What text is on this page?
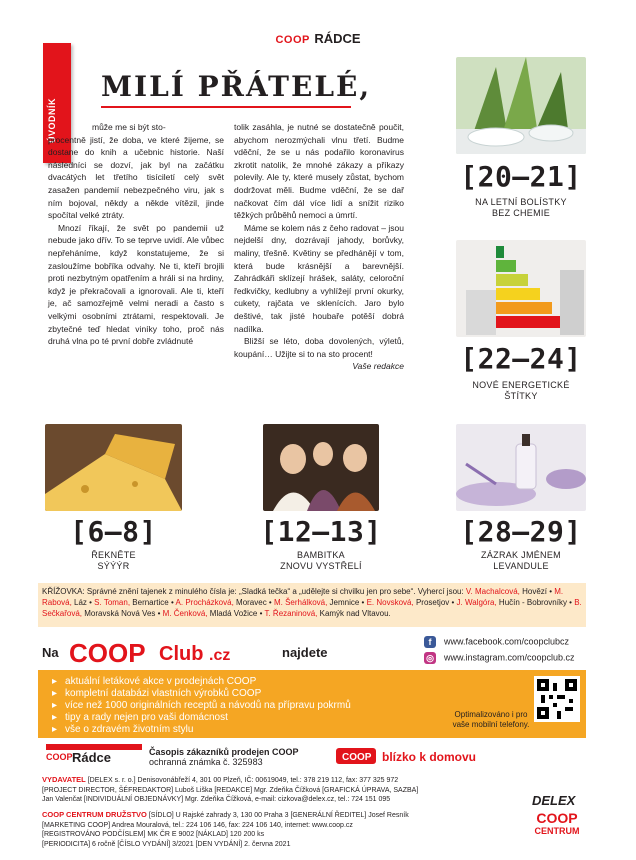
COOP RÁDCE
ÚVODNÍK
MILÍ PŘÁTELÉ,

může me si být sto-

procentně jistí, že doba, ve které žijeme, se dostane do knih a učebnic historie. Naší následníci se dozví, jak byl na začátku dvacátých let třetího tisíciletí celý svět zasažen pandemií nebezpečného viru, jak s ním bojoval, někdy a někde vítězil, jinde spočítal velké ztráty.

Mnozí říkají, že svět po pandemii už nebude jako dřív. To se teprve uvidí. Ale vůbec nepřeháníme, když konstatujeme, že si zasloužíme bobříka odvahy. Ne ti, kteří brojili proti nezbytným opatřením a hráli si na hrdiny, když je překračovali a ignorovali. Ale ti, kteří je, ač samozřejmě velmi neradi a často s velkými osobními ztrátami, respektovali. Je zbytečné teď hledat viníky toho, proč nás druhá vlna po té první dobře zvládnuté

tolik zasáhla, je nutné se dostatečně poučit, abychom nerozmýchali vlnu třetí. Budme vděční, že se u nás podařilo koronavirus zkrotit natolik, že mnohé zákazy a příkazy polevily. Ale ty, které musely zůstat, bychom dodržovat měli. Budme vděční, že se dař načkovat čím dál více lidí a snížit riziko těžkých průběhů nemoci a úmrtí.

Máme se kolem nás z čeho radovat – jsou nejdelší dny, dozrávají jahody, borůvky, maliny, třešně. Květiny se předhánějí v tom, která bude krásnější a barevnější. Zahrádkáři sklízejí hrášek, saláty, celoroční ředkvičky, kedlubny a vyhlížejí první okurky, cukety, rajčata ve sklenících. Jaro bylo deštivé, tak jisté houbaře potěší dobrá nadílka.

Bližší se léto, doba dovolených, výletů, koupání… Užijte si to na sto procent!

Vaše redakce

[20–21]
NA LETNÍ BOLÍSTKY
BEZ CHEMIE
[22–24]
NOVÉ ENERGETICKÉ
ŠTÍTKY
[6–8]
ŘEKNĚTE
SÝÝÝR
[12–13]
BAMBITKA
ZNOVU VYSTŘELÍ
[28–29]
ZÁZRAK JMÉNEM
LEVANDULE
KŘÍŽOVKA: Správné znění tajenek z minulého čísla je: „Sladká tečka“ a „udělejte si chvilku jen pro sebe“. Vyhercí jsou: V. Machalcová, Hovězí • M. Rabová, Láz • S. Toman, Bernartice • A. Procházková, Moravec • M. Šerhálková, Jemnice • E. Novsková, Prosetjov • J. Walgóra, Hučín - Bobrovníky • B. Sečkařová, Moravská Nová Ves • M. Čenková, Mladá Vožice • T. Řezaninová, Kamýk nad Vltavou.
Na COOP Club .cz	najdete
f www.facebook.com/coopclubcz
◎ www.instagram.com/coopclub.cz
▸ aktuální letákové akce v prodejnách COOP
▸ kompletní databázi vlastních výrobků COOP
▸ více než 1000 originálních receptů a návodů na přípravu pokrmů
▸ tipy a rady nejen pro vaši domácnost
▸ vše o zdravém životním stylu
Optimalizováno i pro vaše mobilní telefony.
COOP Rádce	Časopis zákazníků prodejen COOP
ochranná známka č. 325983	COOP blízko k domovu
VYDAVATEL [DELEX s. r. o.] Denisovonábřeží 4, 301 00 Plzeň, IČ: 00619049, tel.: 378 219 112, fax: 377 325 972
[PROJECT DIRECTOR, ŠÉFREDAKTOR] Luboš Liška [REDAKCE] Mgr. Zdeňka Čížková [GRAFICKÁ ÚPRAVA, SAZBA]
Jan Valenčat [INDIVIDUÁLNÍ OBJEDNÁVKY] Mgr. Zdeňka Čížková, e-mail: cizkova@delex.cz, tel.: 724 151 095
COOP CENTRUM DRUŽSTVO [SÍDLO] U Rajské zahrady 3, 130 00 Praha 3 [GENERÁLNÍ ŘEDITEL] Josef Resník
[MARKETING COOP] Andrea Mouralová, tel.: 224 106 146, fax: 224 106 140, internet: www.coop.cz
[REGISTROVÁNO PODČÍSLEM] MK ČR E 9002 [NÁKLAD] 120 200 ks
[PERIODICITA] 6 ročně [ČÍSLO VYDÁNÍ] 3/2021 [DEN VYDÁNÍ] 2. června 2021
DELEX
COOP
CENTRUM
